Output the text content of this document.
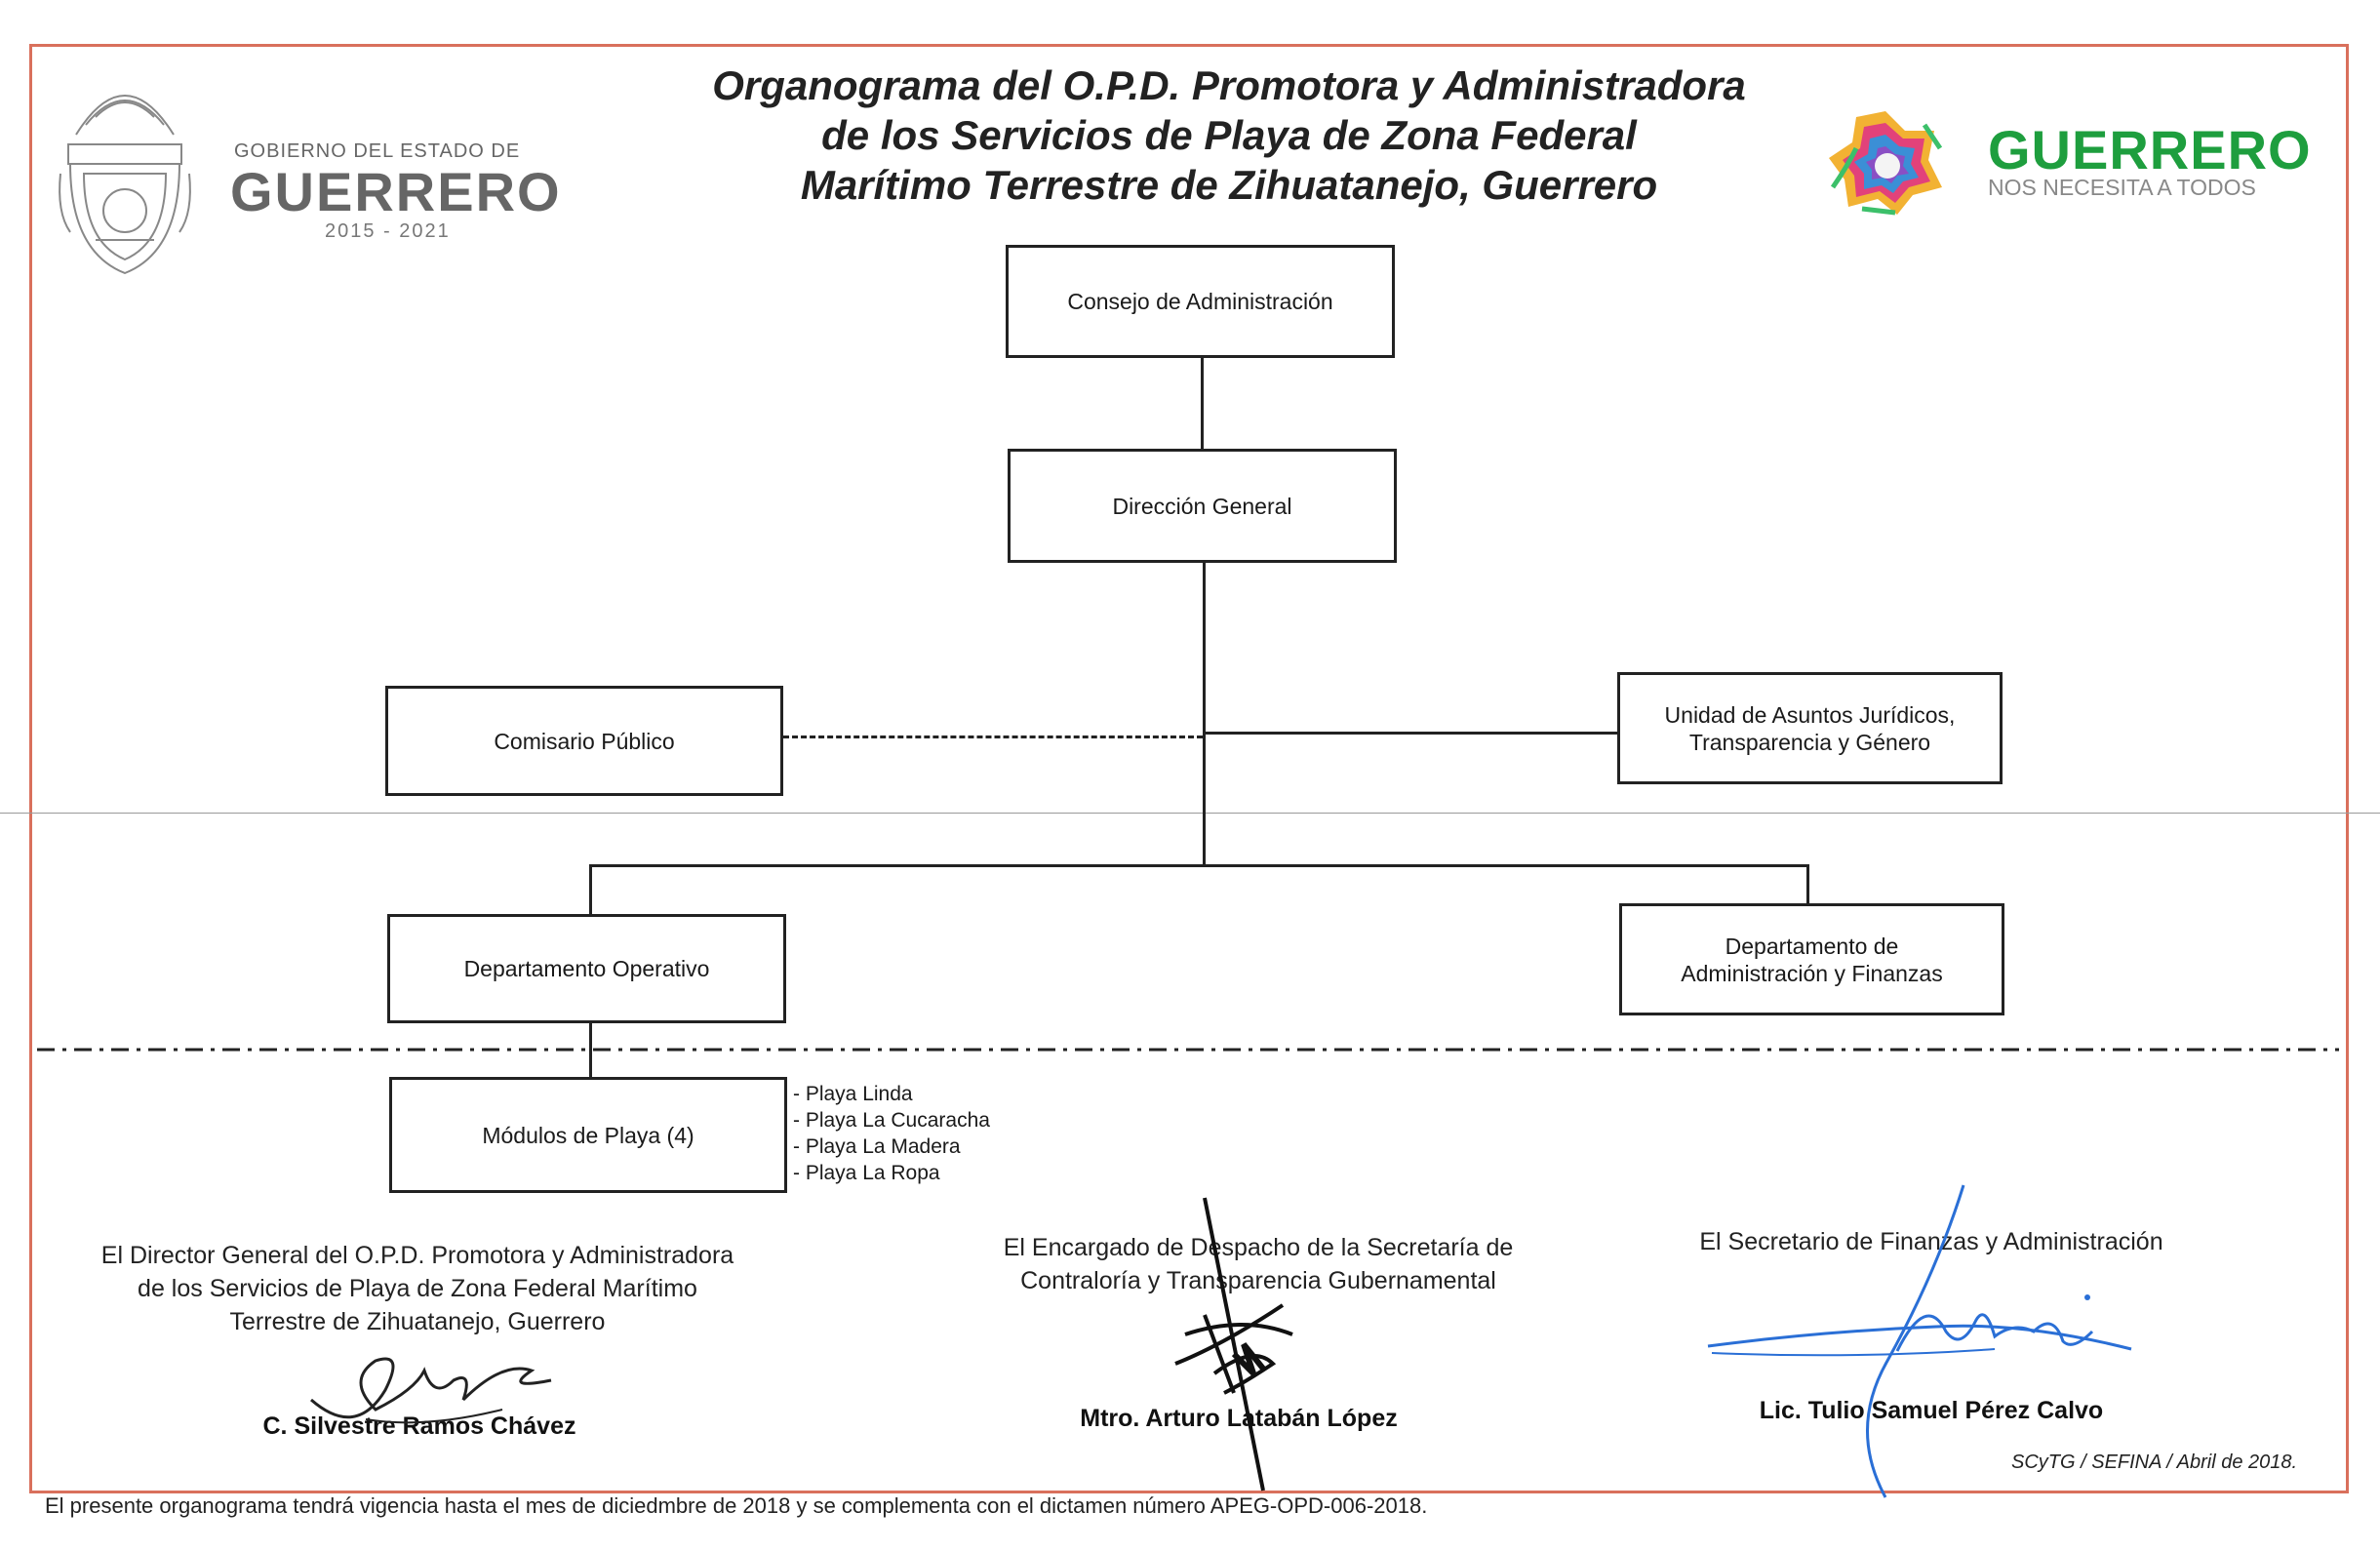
GOBIERNO DEL ESTADO DE
GUERRERO
2015 - 2021
Organograma del O.P.D. Promotora y Administradora
de los Servicios de Playa de Zona Federal
Marítimo Terrestre de Zihuatanejo, Guerrero
GUERRERO
NOS NECESITA A TODOS
Consejo de Administración
Dirección General
Comisario Público
Unidad de Asuntos Jurídicos,
Transparencia y Género
Departamento Operativo
Departamento de
Administración y Finanzas
Módulos de Playa (4)
- Playa Linda
- Playa La Cucaracha
- Playa La Madera
- Playa La Ropa
El Director General del O.P.D. Promotora y Administradora
de los Servicios de Playa de Zona Federal Marítimo
Terrestre de Zihuatanejo, Guerrero
C. Silvestre Ramos Chávez
El Encargado de Despacho de la Secretaría de
Contraloría y Transparencia Gubernamental
Mtro. Arturo Latabán López
El Secretario de Finanzas y Administración
Lic. Tulio Samuel Pérez Calvo
SCyTG / SEFINA / Abril de 2018.
El presente organograma tendrá vigencia hasta el mes de diciedmbre de 2018 y se complementa con el dictamen número APEG-OPD-006-2018.
